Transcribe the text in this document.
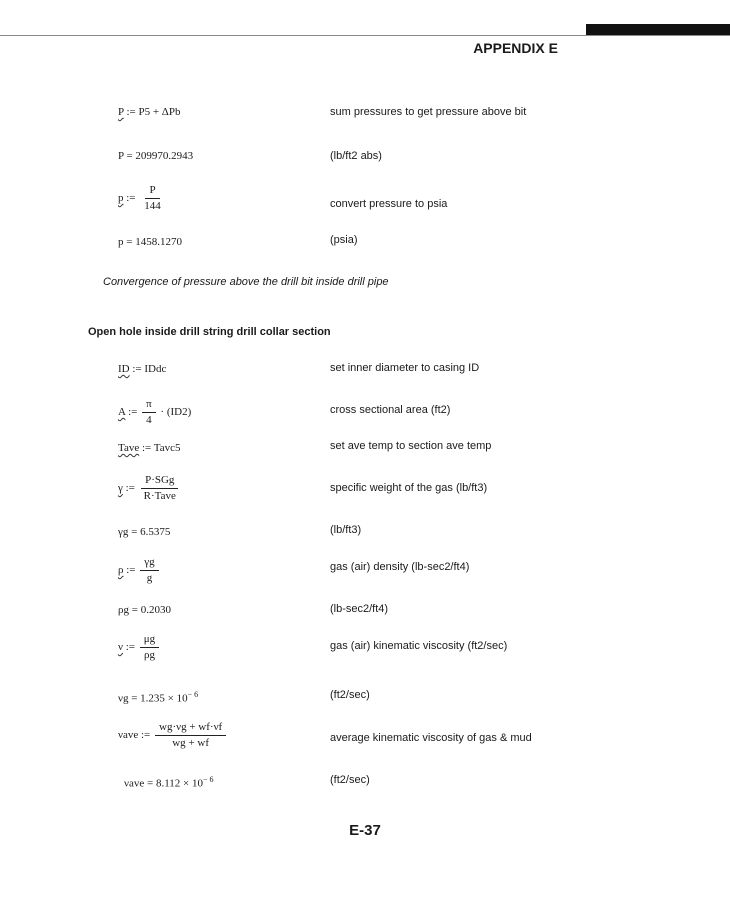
APPENDIX E
P := P5 + ΔPb	sum pressures to get pressure above bit
P = 209970.2943	(lb/ft2 abs)
p := $\frac{P}{144}$	convert pressure to psia
p = 1458.1270	(psia)
Convergence of pressure above the drill bit inside drill pipe
Open hole inside drill string drill collar section
ID := IDdc	set inner diameter to casing ID
A := $\frac{\pi}{4} \cdot (ID2)$	cross sectional area (ft2)
Tave := Tavc5	set ave temp to section ave temp
γ := $\frac{\text{P·SGg}}{\text{R·Tave}}$	specific weight of the gas (lb/ft3)
γg = 6.5375	(lb/ft3)
ρ := $\frac{\gamma g}{g}$	gas (air) density (lb-sec2/ft4)
ρg = 0.2030	(lb-sec2/ft4)
ν := $\frac{\mu g}{\rho g}$	gas (air) kinematic viscosity (ft2/sec)
$\nu g = 1.235 \times 10^{- 6}$	(ft2/sec)
νave := $\frac{wg\cdot\nu g + wf\cdot\nu f}{wg + wf}$	average kinematic viscosity of gas & mud
$\nu ave = 8.112 \times 10^{- 6}$	(ft2/sec)
E-37
